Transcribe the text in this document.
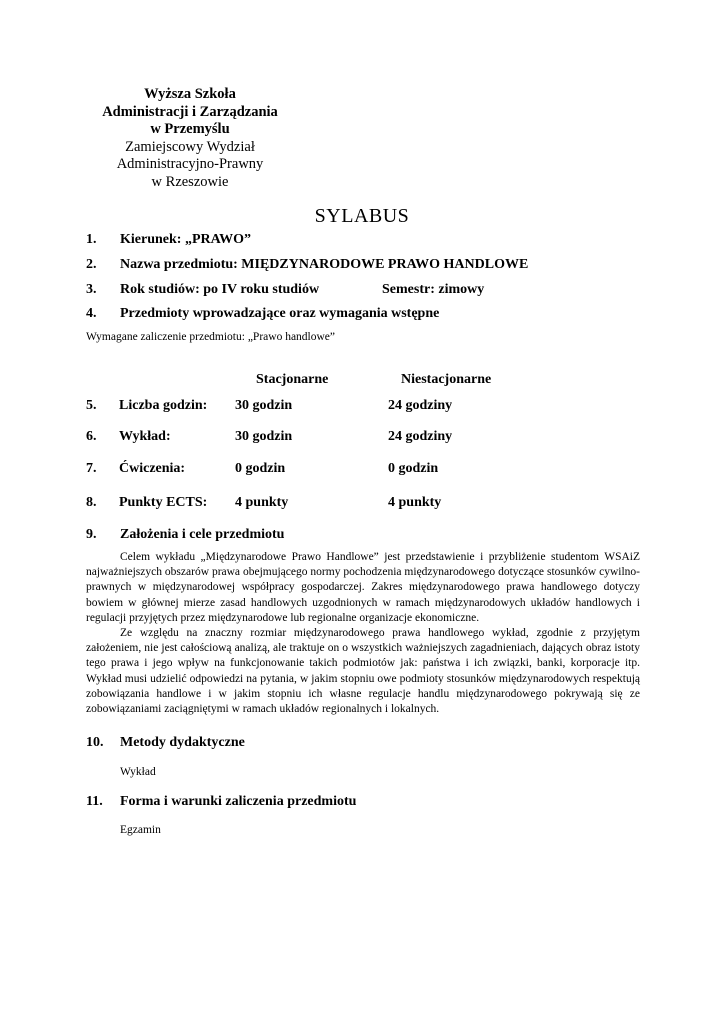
Wyższa Szkoła
Administracji i Zarządzania
w Przemyślu
Zamiejscowy Wydział
Administracyjno-Prawny
w Rzeszowie
SYLABUS
1. Kierunek: „PRAWO”
2. Nazwa przedmiotu: MIĘDZYNARODOWE PRAWO HANDLOWE
3. Rok studiów: po IV roku studiów	Semestr: zimowy
4. Przedmioty wprowadzające oraz wymagania wstępne
Wymagane zaliczenie przedmiotu: „Prawo handlowe”
Stacjonarne	Niestacjonarne
5. Liczba godzin: 30 godzin	24 godziny
6. Wykład:	30 godzin	24 godziny
7. Ćwiczenia:	0 godzin	0 godzin
8. Punkty ECTS: 4 punkty	4 punkty
9. Założenia i cele przedmiotu

Celem wykładu „Międzynarodowe Prawo Handlowe” jest przedstawienie i przybliżenie studentom WSAiZ najważniejszych obszarów prawa obejmującego normy pochodzenia międzynarodowego dotyczące stosunków cywilno-prawnych w międzynarodowej współpracy gospodarczej. Zakres międzynarodowego prawa handlowego dotyczy bowiem w głównej mierze zasad handlowych uzgodnionych w ramach międzynarodowych układów handlowych i regulacji przyjętych przez międzynarodowe lub regionalne organizacje ekonomiczne.

Ze względu na znaczny rozmiar międzynarodowego prawa handlowego wykład, zgodnie z przyjętym założeniem, nie jest całościową analizą, ale traktuje on o wszystkich ważniejszych zagadnieniach, dających obraz istoty tego prawa i jego wpływ na funkcjonowanie takich podmiotów jak: państwa i ich związki, banki, korporacje itp. Wykład musi udzielić odpowiedzi na pytania, w jakim stopniu owe podmioty stosunków międzynarodowych respektują zobowiązania handlowe i w jakim stopniu ich własne regulacje handlu międzynarodowego pokrywają się ze zobowiązaniami zaciągniętymi w ramach układów regionalnych i lokalnych.

10. Metody dydaktyczne
Wykład
11. Forma i warunki zaliczenia przedmiotu
Egzamin
